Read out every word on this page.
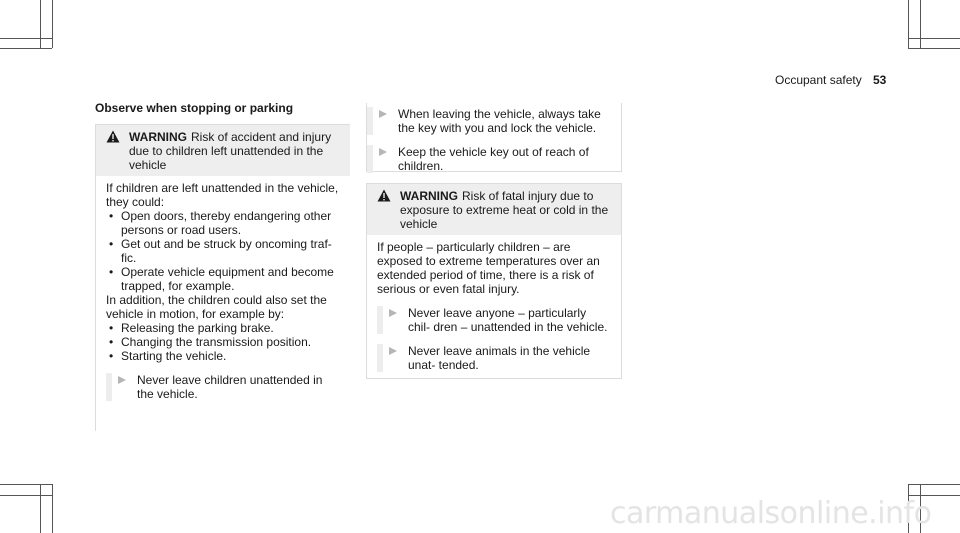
Occupant safety 53
Observe when stopping or parking
WARNING Risk of accident and injury due to children left unattended in the vehicle
If children are left unattended in the vehicle, they could:
• Open doors, thereby endangering other persons or road users.
• Get out and be struck by oncoming traf- fic.
• Operate vehicle equipment and become trapped, for example.
In addition, the children could also set the vehicle in motion, for example by:
• Releasing the parking brake.
• Changing the transmission position.
• Starting the vehicle.
Never leave children unattended in the vehicle.
When leaving the vehicle, always take the key with you and lock the vehicle.
Keep the vehicle key out of reach of children.
WARNING Risk of fatal injury due to exposure to extreme heat or cold in the vehicle
If people – particularly children – are exposed to extreme temperatures over an extended period of time, there is a risk of serious or even fatal injury.
Never leave anyone – particularly chil- dren – unattended in the vehicle.
Never leave animals in the vehicle unat- tended.
carmanualsonline.info
